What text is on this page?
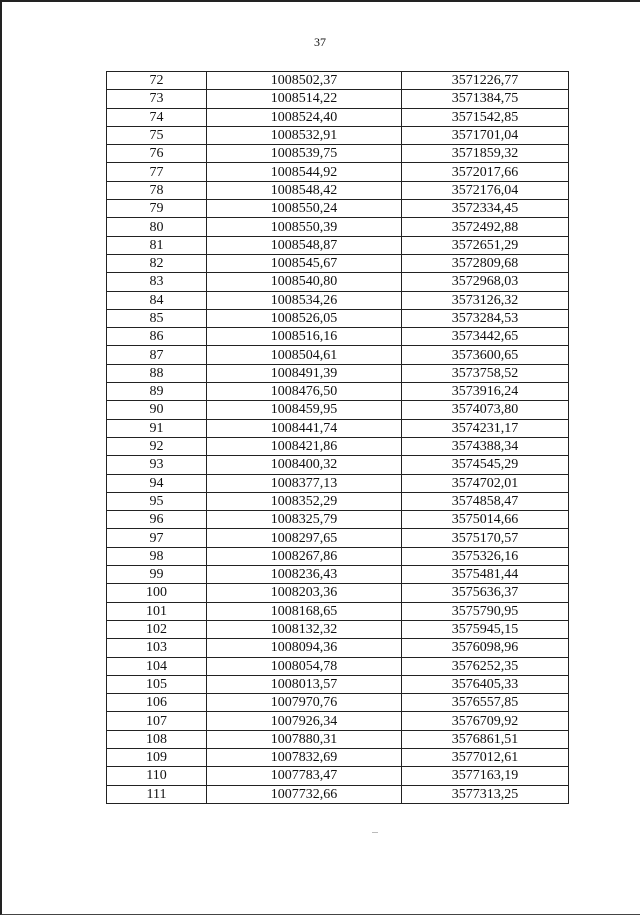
37
72	1008502,37	3571226,77
73	1008514,22	3571384,75
74	1008524,40	3571542,85
75	1008532,91	3571701,04
76	1008539,75	3571859,32
77	1008544,92	3572017,66
78	1008548,42	3572176,04
79	1008550,24	3572334,45
80	1008550,39	3572492,88
81	1008548,87	3572651,29
82	1008545,67	3572809,68
83	1008540,80	3572968,03
84	1008534,26	3573126,32
85	1008526,05	3573284,53
86	1008516,16	3573442,65
87	1008504,61	3573600,65
88	1008491,39	3573758,52
89	1008476,50	3573916,24
90	1008459,95	3574073,80
91	1008441,74	3574231,17
92	1008421,86	3574388,34
93	1008400,32	3574545,29
94	1008377,13	3574702,01
95	1008352,29	3574858,47
96	1008325,79	3575014,66
97	1008297,65	3575170,57
98	1008267,86	3575326,16
99	1008236,43	3575481,44
100	1008203,36	3575636,37
101	1008168,65	3575790,95
102	1008132,32	3575945,15
103	1008094,36	3576098,96
104	1008054,78	3576252,35
105	1008013,57	3576405,33
106	1007970,76	3576557,85
107	1007926,34	3576709,92
108	1007880,31	3576861,51
109	1007832,69	3577012,61
110	1007783,47	3577163,19
111	1007732,66	3577313,25
